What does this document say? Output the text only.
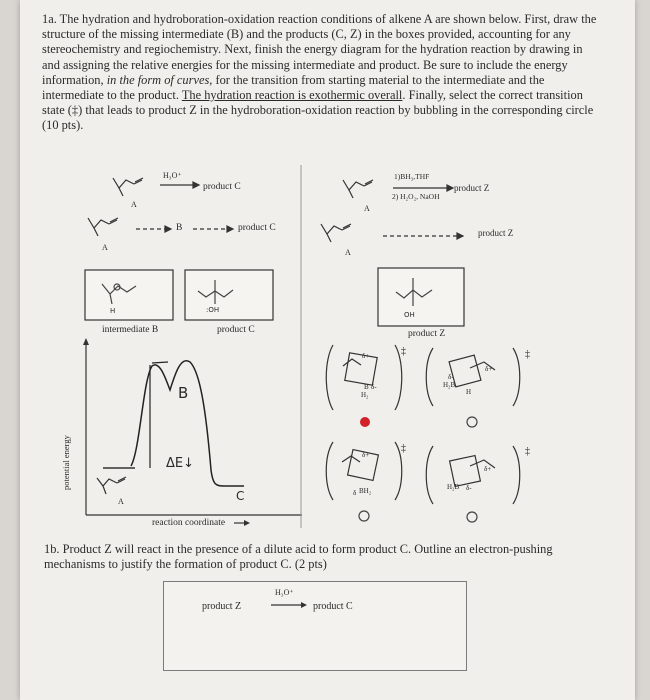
1a. The hydration and hydroboration-oxidation reaction conditions of alkene A are shown below. First, draw the structure of the missing intermediate (B) and the products (C, Z) in the boxes provided, accounting for any stereochemistry and regiochemistry. Next, finish the energy diagram for the hydration reaction by drawing in and assigning the relative energies for the missing intermediate and product. Be sure to include the energy information, in the form of curves, for the transition from starting material to the intermediate and the intermediate to the product. The hydration reaction is exothermic overall. Finally, select the correct transition state (‡) that leads to product Z in the hydroboration-oxidation reaction by bubbling in the corresponding circle (10 pts).

H₃O⁺
product C
A
B	product C
A
H	:OH
intermediate B	product C
potential energy
reaction coordinate
A
B
ΔE↓
C
1)BH₃,THF
2) H₂O₂, NaOH
product Z
A
A
product Z
OH
product Z
‡	‡
‡	‡
δ+
B δ-
H₂
δ+
H₂B
δ-
H
δ+
δ BH₂
δ+
H₂B δ-

1b. Product Z will react in the presence of a dilute acid to form product C. Outline an electron-pushing mechanisms to justify the formation of product C. (2 pts)

product Z
H₃O⁺
product C
